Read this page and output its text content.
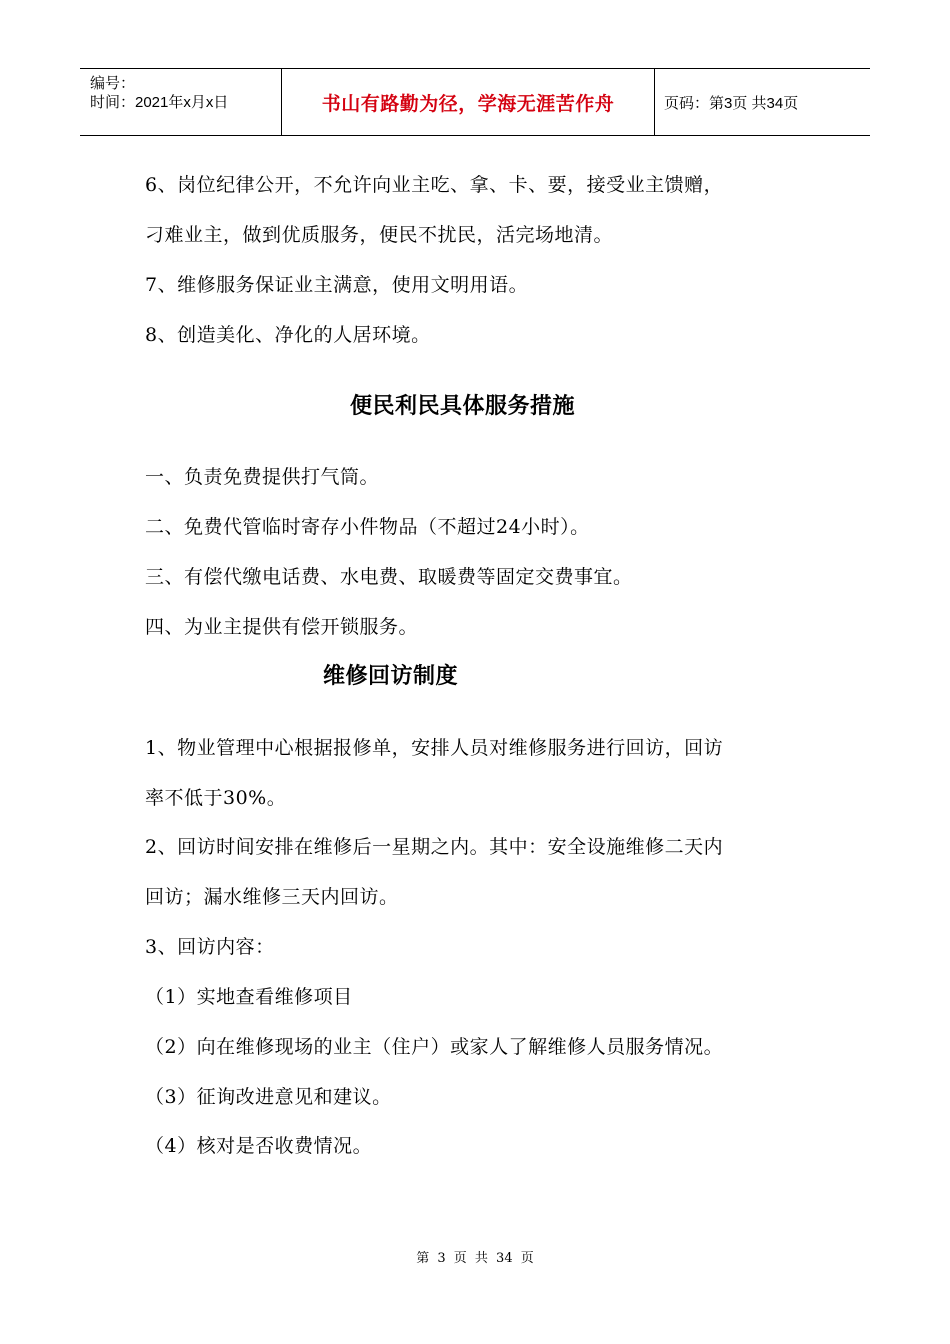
编号：
时间：2021年x月x日	书山有路勤为径，学海无涯苦作舟	页码：第3页 共34页
6、岗位纪律公开，不允许向业主吃、拿、卡、要，接受业主馈赠，
刁难业主，做到优质服务，便民不扰民，活完场地清。
7、维修服务保证业主满意，使用文明用语。
8、创造美化、净化的人居环境。
便民利民具体服务措施
一、负责免费提供打气筒。
二、免费代管临时寄存小件物品（不超过24小时）。
三、有偿代缴电话费、水电费、取暖费等固定交费事宜。
四、为业主提供有偿开锁服务。
维修回访制度
1、物业管理中心根据报修单，安排人员对维修服务进行回访，回访
率不低于30%。
2、回访时间安排在维修后一星期之内。其中：安全设施维修二天内
回访；漏水维修三天内回访。
3、回访内容：
（1）实地查看维修项目
（2）向在维修现场的业主（住户）或家人了解维修人员服务情况。
（3）征询改进意见和建议。
（4）核对是否收费情况。
第 3 页 共 34 页
